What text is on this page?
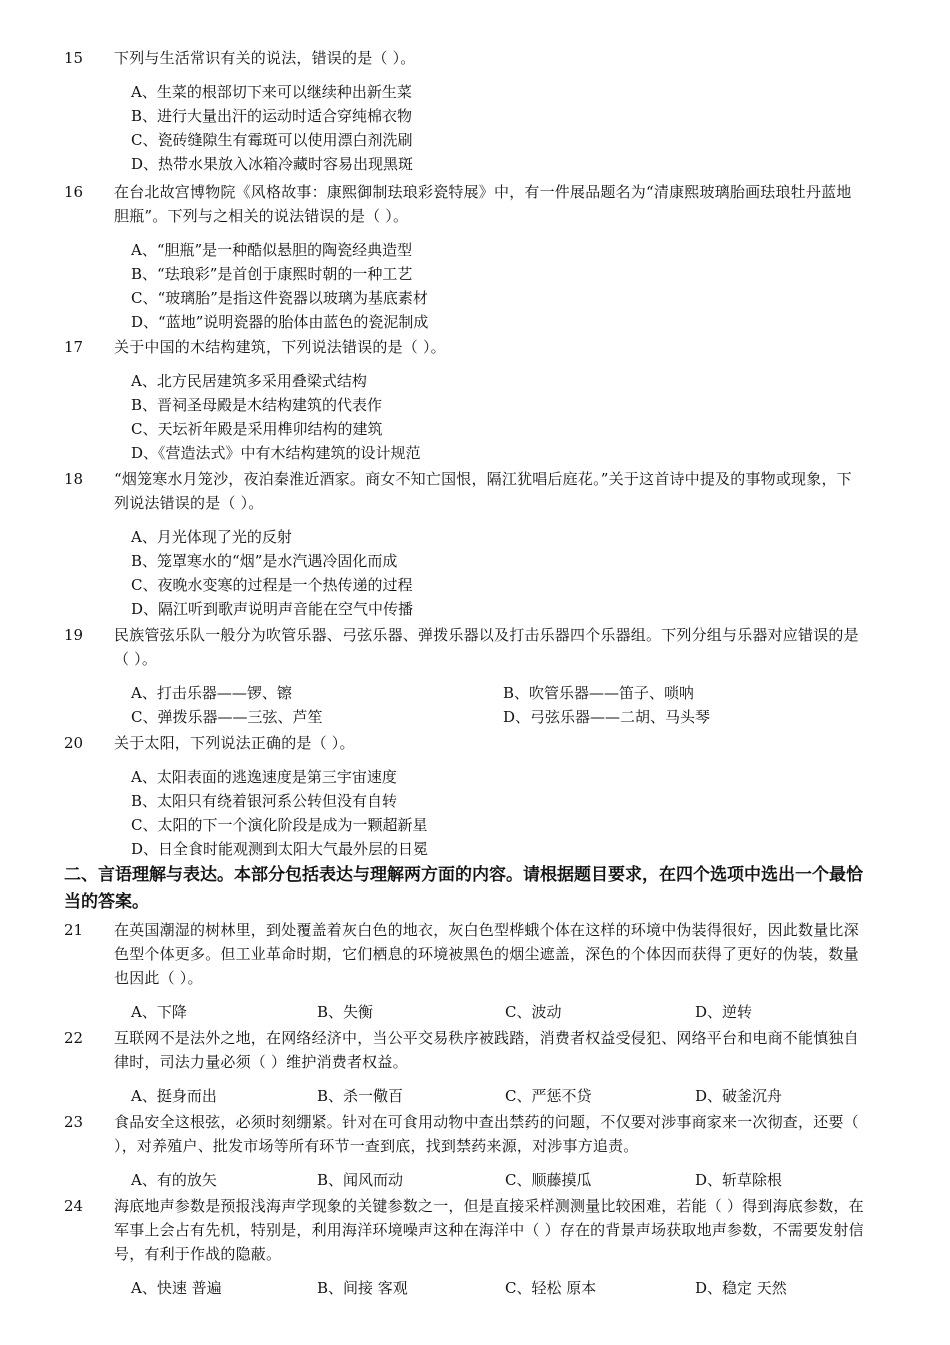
15	下列与生活常识有关的说法，错误的是（ ）。
A、生菜的根部切下来可以继续种出新生菜
B、进行大量出汗的运动时适合穿纯棉衣物
C、瓷砖缝隙生有霉斑可以使用漂白剂洗刷
D、热带水果放入冰箱冷藏时容易出现黑斑
16	在台北故宫博物院《风格故事：康熙御制珐琅彩瓷特展》中，有一件展品题名为“清康熙玻璃胎画珐琅牡丹蓝地胆瓶”。下列与之相关的说法错误的是（ ）。
A、“胆瓶”是一种酷似悬胆的陶瓷经典造型
B、“珐琅彩”是首创于康熙时朝的一种工艺
C、“玻璃胎”是指这件瓷器以玻璃为基底素材
D、“蓝地”说明瓷器的胎体由蓝色的瓷泥制成
17	关于中国的木结构建筑，下列说法错误的是（ ）。
A、北方民居建筑多采用叠梁式结构
B、晋祠圣母殿是木结构建筑的代表作
C、天坛祈年殿是采用榫卯结构的建筑
D、《营造法式》中有木结构建筑的设计规范
18	“烟笼寒水月笼沙，夜泊秦淮近酒家。商女不知亡国恨，隔江犹唱后庭花。”关于这首诗中提及的事物或现象，下列说法错误的是（ ）。
A、月光体现了光的反射
B、笼罩寒水的“烟”是水汽遇冷固化而成
C、夜晚水变寒的过程是一个热传递的过程
D、隔江听到歌声说明声音能在空气中传播
19	民族管弦乐队一般分为吹管乐器、弓弦乐器、弹拨乐器以及打击乐器四个乐器组。下列分组与乐器对应错误的是（ ）。
A、打击乐器——锣、镲	B、吹管乐器——笛子、唢呐
C、弹拨乐器——三弦、芦笙	D、弓弦乐器——二胡、马头琴
20	关于太阳，下列说法正确的是（ ）。
A、太阳表面的逃逸速度是第三宇宙速度
B、太阳只有绕着银河系公转但没有自转
C、太阳的下一个演化阶段是成为一颗超新星
D、日全食时能观测到太阳大气最外层的日冕
二、言语理解与表达。本部分包括表达与理解两方面的内容。请根据题目要求，在四个选项中选出一个最恰当的答案。
21	在英国潮湿的树林里，到处覆盖着灰白色的地衣，灰白色型桦蛾个体在这样的环境中伪装得很好，因此数量比深色型个体更多。但工业革命时期，它们栖息的环境被黑色的烟尘遮盖，深色的个体因而获得了更好的伪装，数量也因此（ ）。
A、下降	B、失衡	C、波动	D、逆转
22	互联网不是法外之地，在网络经济中，当公平交易秩序被践踏，消费者权益受侵犯、网络平台和电商不能慎独自律时，司法力量必须（ ）维护消费者权益。
A、挺身而出	B、杀一儆百	C、严惩不贷	D、破釜沉舟
23	食品安全这根弦，必须时刻绷紧。针对在可食用动物中查出禁药的问题，不仅要对涉事商家来一次彻查，还要（ ），对养殖户、批发市场等所有环节一查到底，找到禁药来源，对涉事方追责。
A、有的放矢	B、闻风而动	C、顺藤摸瓜	D、斩草除根
24	海底地声参数是预报浅海声学现象的关键参数之一，但是直接采样测测量比较困难，若能（ ）得到海底参数，在军事上会占有先机，特别是，利用海洋环境噪声这种在海洋中（ ）存在的背景声场获取地声参数，不需要发射信号，有利于作战的隐蔽。
A、快速 普遍	B、间接 客观	C、轻松 原本	D、稳定 天然
